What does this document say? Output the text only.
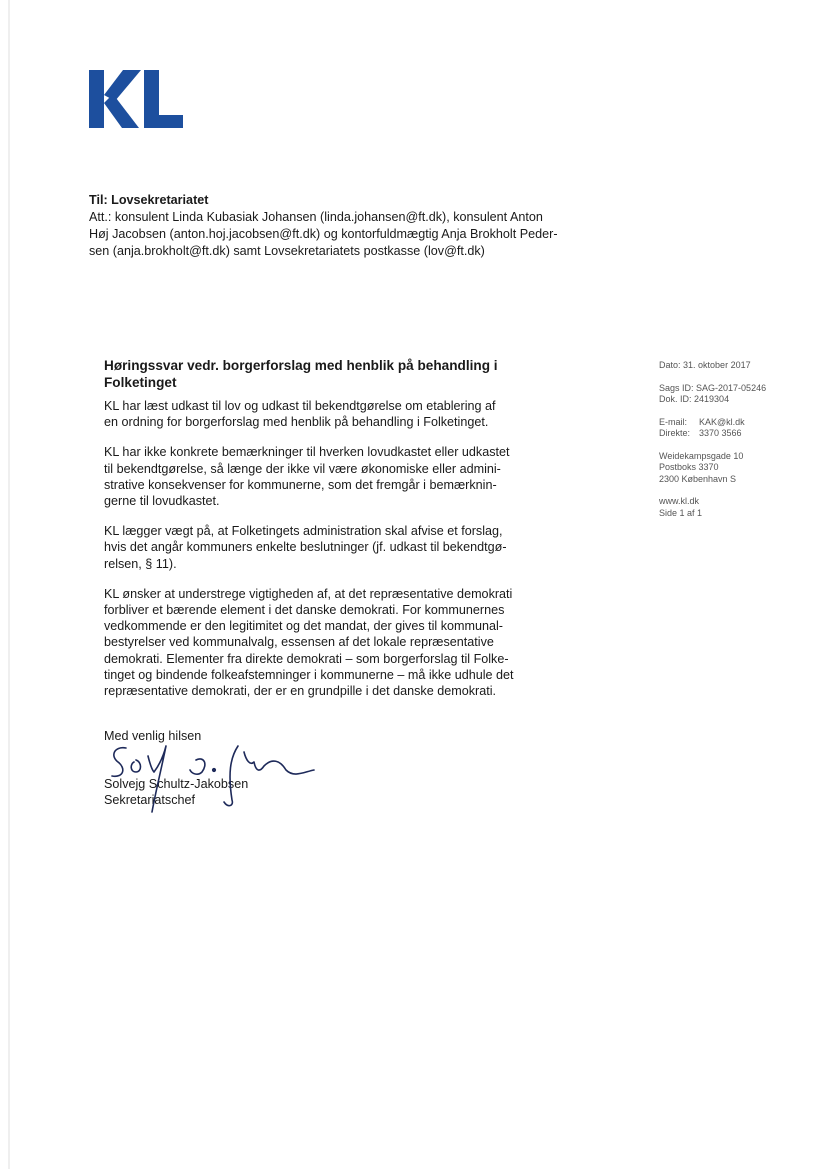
Til: Lovsekretariatet
Att.: konsulent Linda Kubasiak Johansen (linda.johansen@ft.dk), konsulent Anton
Høj Jacobsen (anton.hoj.jacobsen@ft.dk) og kontorfuldmægtig Anja Brokholt Peder-
sen (anja.brokholt@ft.dk) samt Lovsekretariatets postkasse (lov@ft.dk)
Høringssvar vedr. borgerforslag med henblik på behandling i
Folketinget

KL har læst udkast til lov og udkast til bekendtgørelse om etablering af
en ordning for borgerforslag med henblik på behandling i Folketinget.

KL har ikke konkrete bemærkninger til hverken lovudkastet eller udkastet
til bekendtgørelse, så længe der ikke vil være økonomiske eller admini-
strative konsekvenser for kommunerne, som det fremgår i bemærknin-
gerne til lovudkastet.

KL lægger vægt på, at Folketingets administration skal afvise et forslag,
hvis det angår kommuners enkelte beslutninger (jf. udkast til bekendtgø-
relsen, § 11).

KL ønsker at understrege vigtigheden af, at det repræsentative demokrati
forbliver et bærende element i det danske demokrati. For kommunernes
vedkommende er den legitimitet og det mandat, der gives til kommunal-
bestyrelser ved kommunalvalg, essensen af det lokale repræsentative
demokrati. Elementer fra direkte demokrati – som borgerforslag til Folke-
tinget og bindende folkeafstemninger i kommunerne – må ikke udhule det
repræsentative demokrati, der er en grundpille i det danske demokrati.

Med venlig hilsen
Solvejg Schultz-Jakobsen
Sekretariatschef
Dato: 31. oktober 2017
Sags ID: SAG-2017-05246
Dok. ID: 2419304
E-mail: KAK@kl.dk
Direkte: 3370 3566
Weidekampsgade 10
Postboks 3370
2300 København S
www.kl.dk
Side 1 af 1
